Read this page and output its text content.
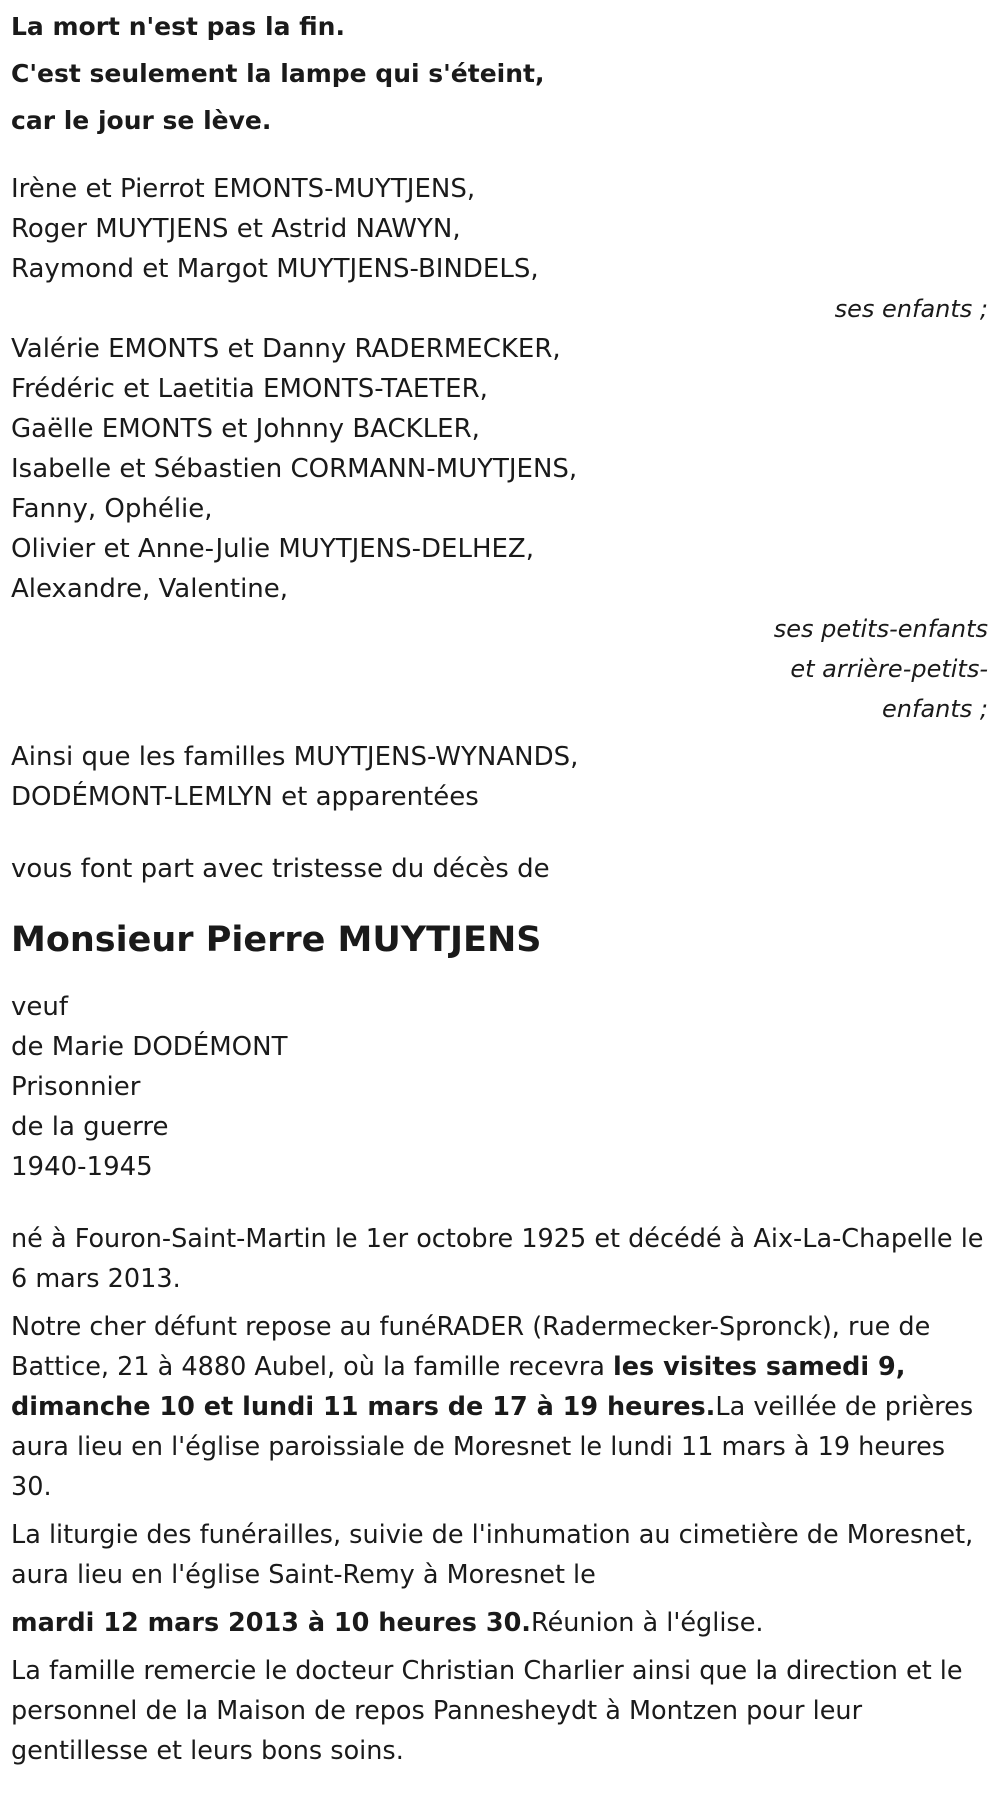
La mort n'est pas la fin.
C'est seulement la lampe qui s'éteint,
car le jour se lève.
Irène et Pierrot EMONTS-MUYTJENS,
Roger MUYTJENS et Astrid NAWYN,
Raymond et Margot MUYTJENS-BINDELS,
ses enfants ;
Valérie EMONTS et Danny RADERMECKER,
Frédéric et Laetitia EMONTS-TAETER,
Gaëlle EMONTS et Johnny BACKLER,
Isabelle et Sébastien CORMANN-MUYTJENS,
Fanny, Ophélie,
Olivier et Anne-Julie MUYTJENS-DELHEZ,
Alexandre, Valentine,
ses petits-enfants
et arrière-petits-
enfants ;
Ainsi que les familles MUYTJENS-WYNANDS,
DODÉMONT-LEMLYN et apparentées
vous font part avec tristesse du décès de
Monsieur Pierre MUYTJENS
veuf
de Marie DODÉMONT
Prisonnier
de la guerre
1940-1945

né à Fouron-Saint-Martin le 1er octobre 1925 et décédé à Aix-La-Chapelle le 6 mars 2013.

Notre cher défunt repose au funéRADER (Radermecker-Spronck), rue de Battice, 21 à 4880 Aubel, où la famille recevra les visites samedi 9, dimanche 10 et lundi 11 mars de 17 à 19 heures.La veillée de prières aura lieu en l'église paroissiale de Moresnet le lundi 11 mars à 19 heures 30.

La liturgie des funérailles, suivie de l'inhumation au cimetière de Moresnet, aura lieu en l'église Saint-Remy à Moresnet le

mardi 12 mars 2013 à 10 heures 30.Réunion à l'église.

La famille remercie le docteur Christian Charlier ainsi que la direction et le personnel de la Maison de repos Pannesheydt à Montzen pour leur gentillesse et leurs bons soins.
